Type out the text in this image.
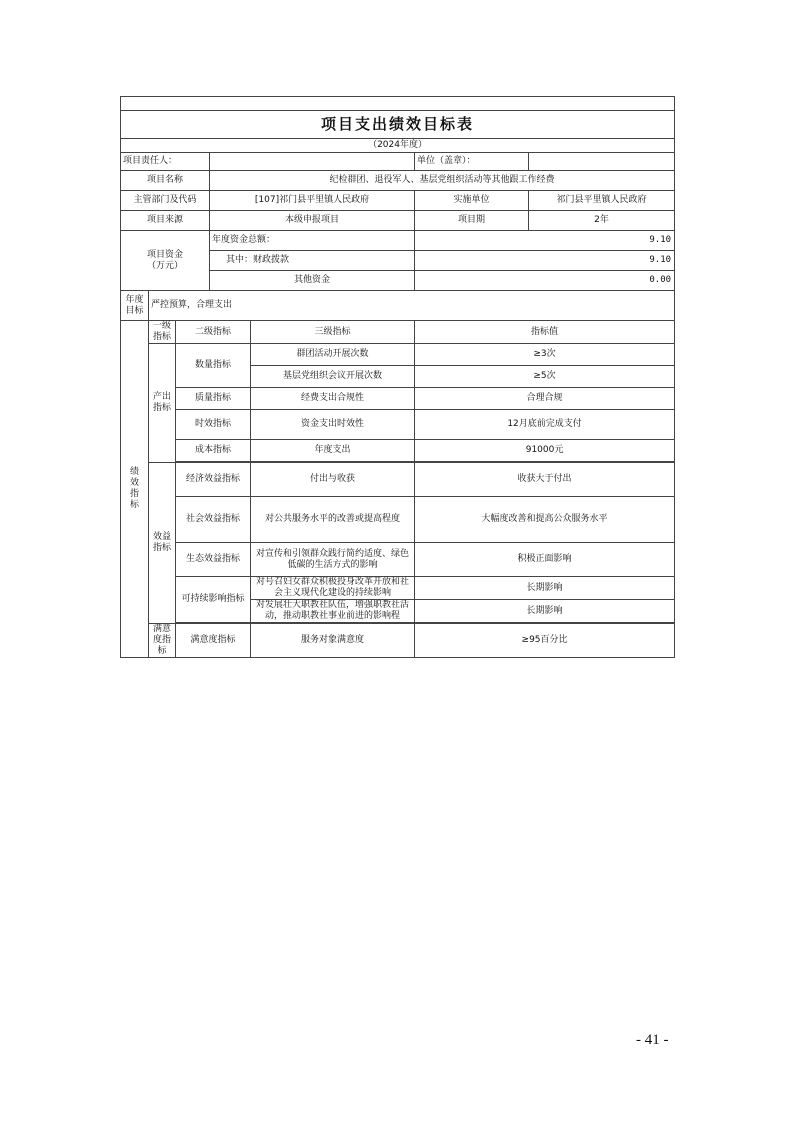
项目支出绩效目标表						
（2024年度）						
项目责任人：					单位（盖章）：	
项目名称			纪检群团、退役军人、基层党组织活动等其他跟工作经费			
主管部门及代码			[107]祁门县平里镇人民政府		实施单位	祁门县平里镇人民政府
项目来源			本级申报项目		项目期	2年

项目资金
（万元）			年度资金总额：		9.10	
			其中：财政拨款		9.10	
			其他资金		0.00	
年度目标	严控预算，合理支出					
绩效指标	一级指标	二级指标		三级指标	指标值	
	产出指标	数量指标		群团活动开展次数	≥3次	
				基层党组织会议开展次数	≥5次	
		质量指标		经费支出合规性	合理合规	
		时效指标		资金支出时效性	12月底前完成支付	
		成本指标		年度支出	91000元	

	效益指标	经济效益指标		付出与收获	收获大于付出	
		社会效益指标		对公共服务水平的改善或提高程度	大幅度改善和提高公众服务水平	
		生态效益指标		对宣传和引领群众践行简约适度、绿色低碳的生活方式的影响	积极正面影响	
		可持续影响指标		对号召妇女群众积极投身改革开放和社会主义现代化建设的持续影响	长期影响	
				对发展壮大职教社队伍，增强职教社活动，推动职教社事业前进的影响程	长期影响	

	满意度指标	满意度指标		服务对象满意度	≥95百分比	
- 41 -
